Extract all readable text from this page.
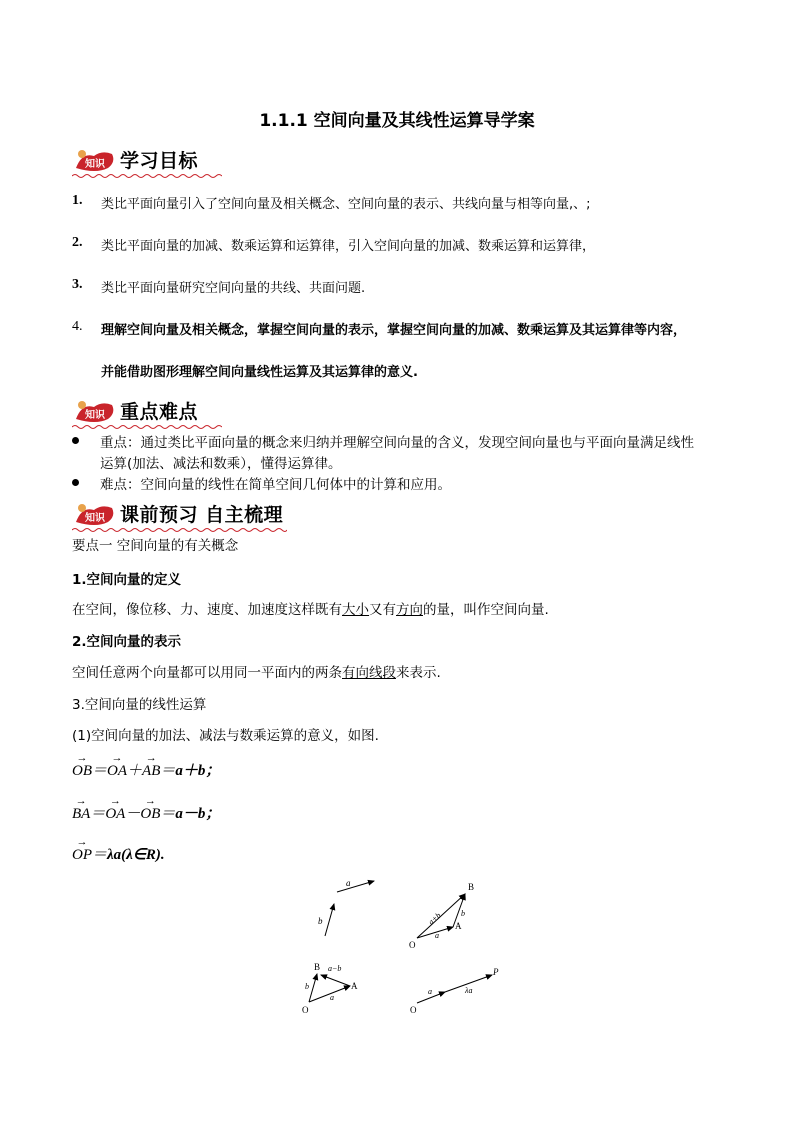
1.1.1 空间向量及其线性运算导学案
知识 学习目标
1. 类比平面向量引入了空间向量及相关概念、空间向量的表示、共线向量与相等向量,、;
2. 类比平面向量的加减、数乘运算和运算律，引入空间向量的加减、数乘运算和运算律，
3. 类比平面向量研究空间向量的共线、共面问题.
4. 理解空间向量及相关概念，掌握空间向量的表示，掌握空间向量的加减、数乘运算及其运算律等内容，
并能借助图形理解空间向量线性运算及其运算律的意义.
知识 重点难点
重点：通过类比平面向量的概念来归纳并理解空间向量的含义，发现空间向量也与平面向量满足线性
运算(加法、减法和数乘），懂得运算律。
难点：空间向量的线性在简单空间几何体中的计算和应用。
知识 课前预习 自主梳理
要点一 空间向量的有关概念
1.空间向量的定义
在空间，像位移、力、速度、加速度这样既有大小又有方向的量，叫作空间向量.
2.空间向量的表示
空间任意两个向量都可以用同一平面内的两条有向线段来表示.
3.空间向量的线性运算
(1)空间向量的加法、减法与数乘运算的意义，如图.
→ OB＝→ OA＋→ AB＝a＋b；
→ BA＝→ OA－→ OB＝a－b；
→ OP＝λa(λ∈R).
a
b
O
A
B
a
b
a+b
O
A
B
a
b
a−b
O
P
a	λa
